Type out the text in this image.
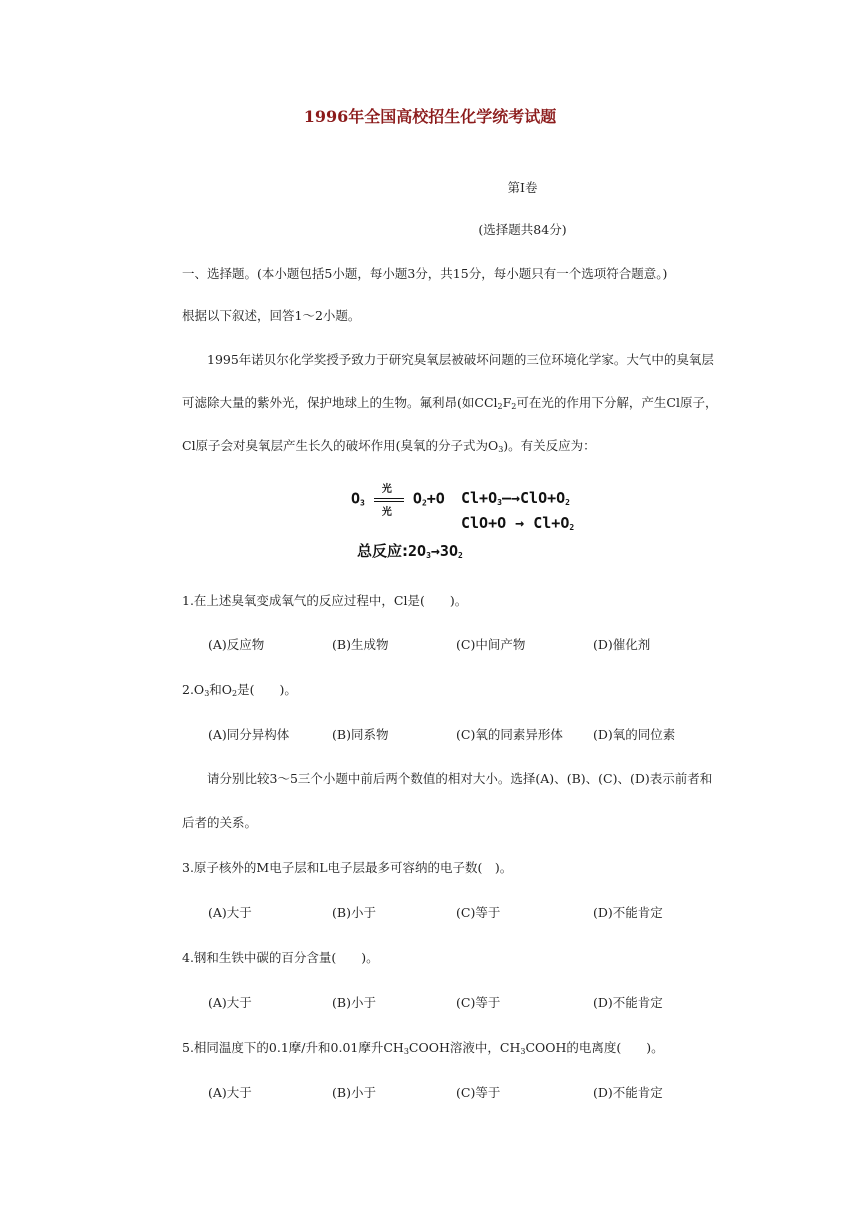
1996年全国高校招生化学统考试题
第Ⅰ卷
(选择题共84分)
一、选择题。(本小题包括5小题，每小题3分，共15分，每小题只有一个选项符合题意。)
根据以下叙述，回答1～2小题。
1995年诺贝尔化学奖授予致力于研究臭氧层被破坏问题的三位环境化学家。大气中的臭氧层
可滤除大量的紫外光，保护地球上的生物。氟利昂(如$CCl_2F_2$可在光的作用下分解，产生Cl原子，
Cl原子会对臭氧层产生长久的破坏作用(臭氧的分子式为$O_3$)。有关反应为：
$O_3$
光
光
$O_2+O$ $Cl+O_3—\to ClO+O_2$
$ClO+O \to Cl+O_2$
总反应$:2O_3\to 3O_2$
1.在上述臭氧变成氧气的反应过程中，Cl是(　　)。
(A)反应物	(B)生成物	(C)中间产物	(D)催化剂
$2.O_3$和$O_2$是(　　)。
(A)同分异构体	(B)同系物	(C)氧的同素异形体 (D)氧的同位素
请分别比较3～5三个小题中前后两个数值的相对大小。选择(A)、(B)、(C)、(D)表示前者和
后者的关系。
3.原子核外的M电子层和L电子层最多可容纳的电子数(　)。
(A)大于	(B)小于	(C)等于	(D)不能肯定
4.钢和生铁中碳的百分含量(　　)。
(A)大于	(B)小于	(C)等于	(D)不能肯定
5.相同温度下的0.1摩/升和0.01摩升$CH_3COOH$溶液中，$CH_3COOH$的电离度(　　)。
(A)大于	(B)小于	(C)等于	(D)不能肯定
